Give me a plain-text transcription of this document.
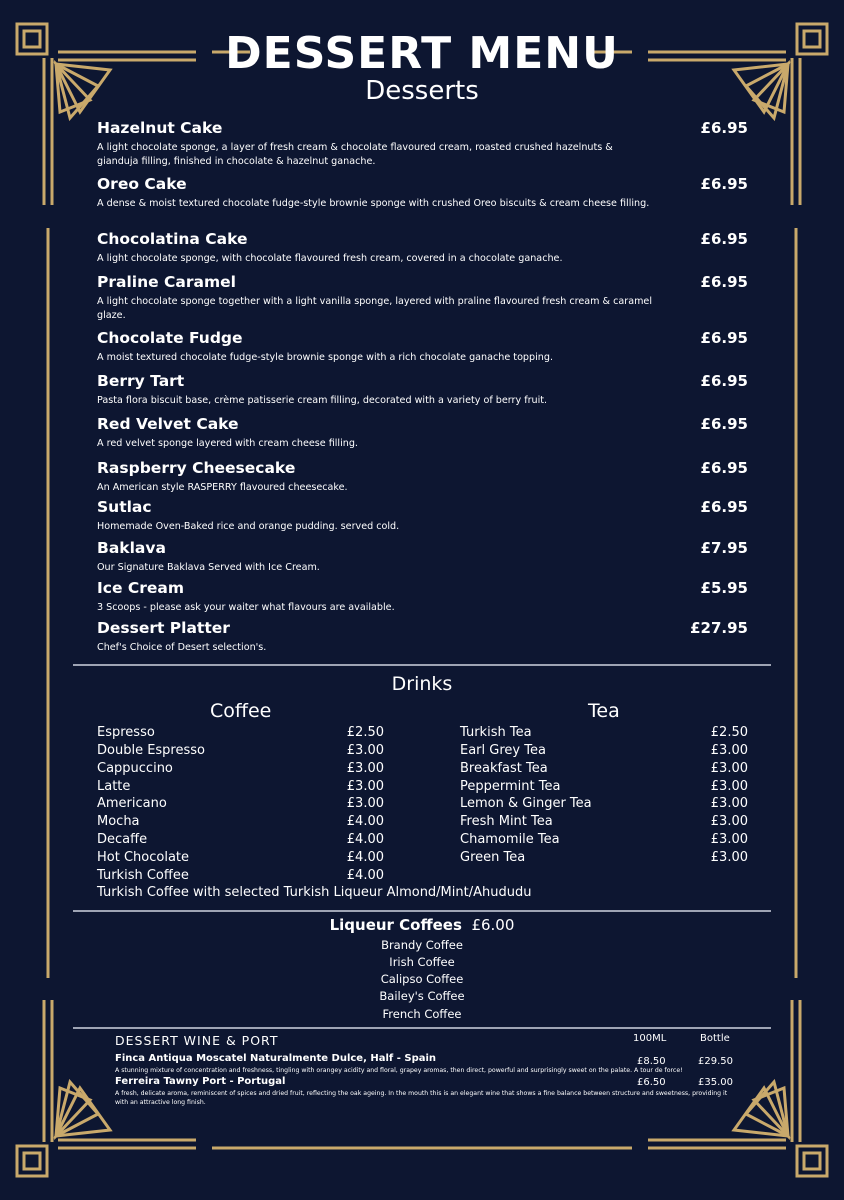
DESSERT MENU
Desserts
Hazelnut Cake	£6.95
A light chocolate sponge, a layer of fresh cream & chocolate flavoured cream, roasted crushed hazelnuts & gianduja filling, finished in chocolate & hazelnut ganache.
Oreo Cake	£6.95
A dense & moist textured chocolate fudge-style brownie sponge with crushed Oreo biscuits & cream cheese filling.
Chocolatina Cake	£6.95
A light chocolate sponge, with chocolate flavoured fresh cream, covered in a chocolate ganache.
Praline Caramel	£6.95
A light chocolate sponge together with a light vanilla sponge, layered with praline flavoured fresh cream & caramel glaze.
Chocolate Fudge	£6.95
A moist textured chocolate fudge-style brownie sponge with a rich chocolate ganache topping.
Berry Tart	£6.95
Pasta flora biscuit base, crème patisserie cream filling, decorated with a variety of berry fruit.
Red Velvet Cake	£6.95
A red velvet sponge layered with cream cheese filling.
Raspberry Cheesecake	£6.95
An American style RASPERRY flavoured cheesecake.
Sutlac	£6.95
Homemade Oven-Baked rice and orange pudding. served cold.
Baklava	£7.95
Our Signature Baklava Served with Ice Cream.
Ice Cream	£5.95
3 Scoops - please ask your waiter what flavours are available.
Dessert Platter	£27.95
Chef's Choice of Desert selection's.
Drinks
Coffee	Tea
Espresso	£2.50
Double Espresso	£3.00
Cappuccino	£3.00
Latte	£3.00
Americano	£3.00
Mocha	£4.00
Decaffe	£4.00
Hot Chocolate	£4.00
Turkish Coffee	£4.00
Turkish Coffee with selected Turkish Liqueur Almond/Mint/Ahududu
Turkish Tea	£2.50
Earl Grey Tea	£3.00
Breakfast Tea	£3.00
Peppermint Tea	£3.00
Lemon & Ginger Tea	£3.00
Fresh Mint Tea	£3.00
Chamomile Tea	£3.00
Green Tea	£3.00
Liqueur Coffees £6.00
Brandy Coffee
Irish Coffee
Calipso Coffee
Bailey's Coffee
French Coffee
DESSERT WINE & PORT	100ML	Bottle
Finca Antiqua Moscatel Naturalmente Dulce, Half - Spain
A stunning mixture of concentration and freshness, tingling with orangey acidity and floral, grapey aromas, then direct, powerful and surprisingly sweet on the palate. A tour de force!
£8.50	£29.50
Ferreira Tawny Port - Portugal
A fresh, delicate aroma, reminiscent of spices and dried fruit, reflecting the oak ageing. In the mouth this is an elegant wine that shows a fine balance between structure and sweetness, providing it with an attractive long finish.
£6.50	£35.00
